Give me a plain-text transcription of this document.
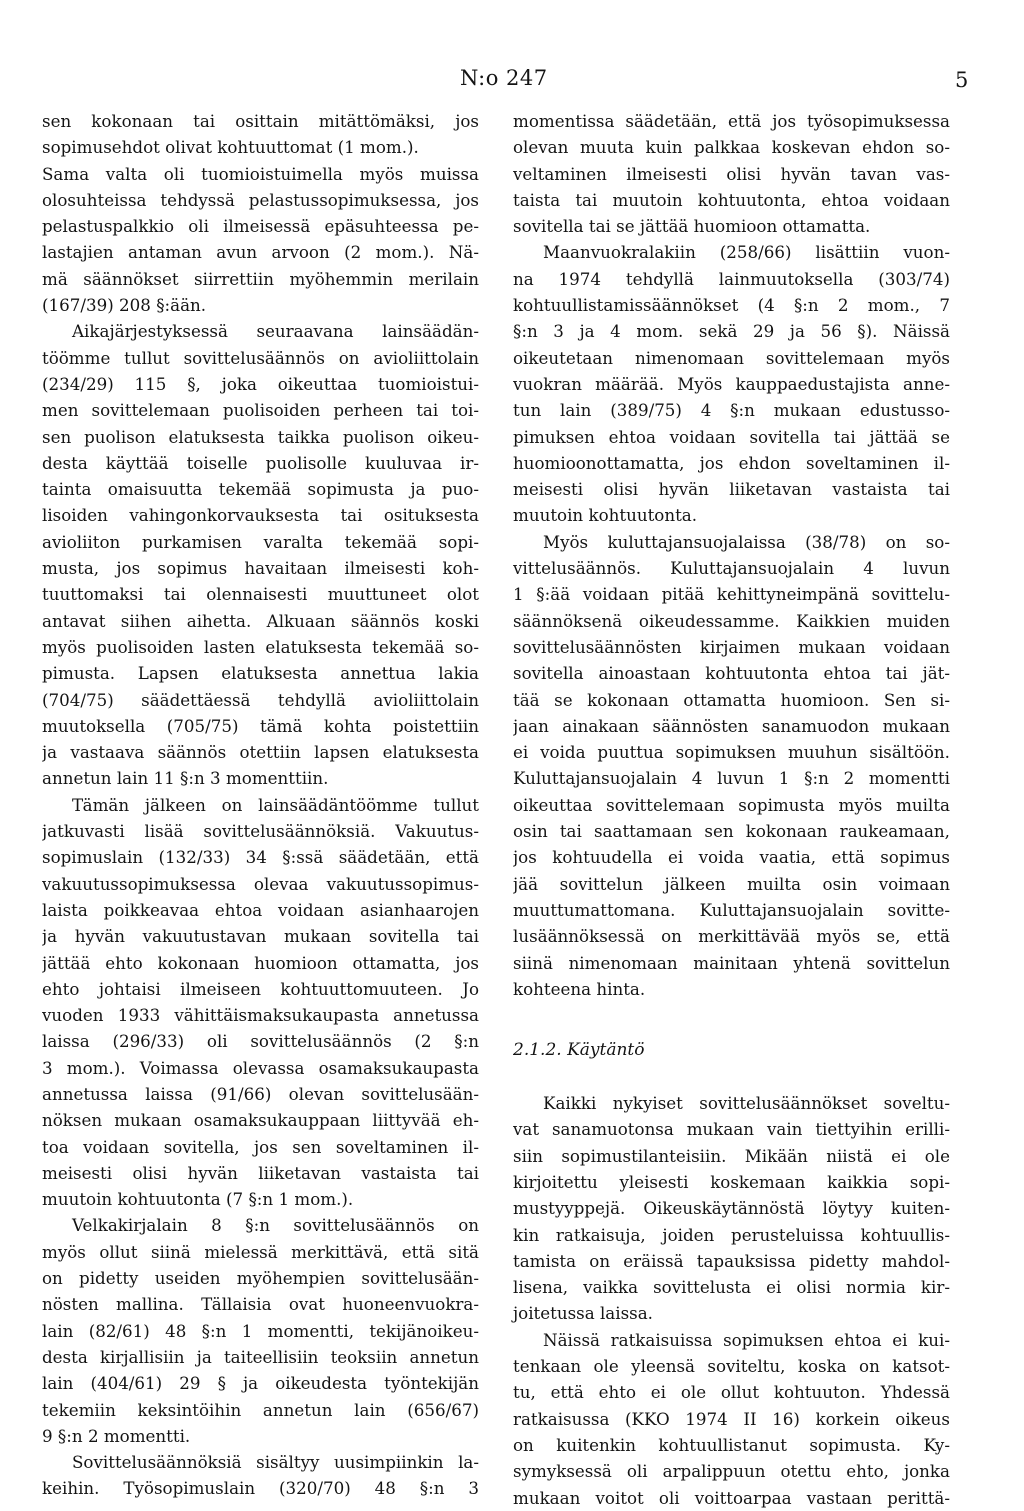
N:o 247	5
sen kokonaan tai osittain mitättömäksi, jos
sopimusehdot olivat kohtuuttomat (1 mom.).
Sama valta oli tuomioistuimella myös muissa
olosuhteissa tehdyssä pelastussopimuksessa, jos
pelastuspalkkio oli ilmeisessä epäsuhteessa pe-
lastajien antaman avun arvoon (2 mom.). Nä-
mä säännökset siirrettiin myöhemmin merilain
(167/39) 208 §:ään.
Aikajärjestyksessä seuraavana lainsäädän-
töömme tullut sovittelusäännös on avioliittolain
(234/29) 115 §, joka oikeuttaa tuomioistui-
men sovittelemaan puolisoiden perheen tai toi-
sen puolison elatuksesta taikka puolison oikeu-
desta käyttää toiselle puolisolle kuuluvaa ir-
tainta omaisuutta tekemää sopimusta ja puo-
lisoiden vahingonkorvauksesta tai osituksesta
avioliiton purkamisen varalta tekemää sopi-
musta, jos sopimus havaitaan ilmeisesti koh-
tuuttomaksi tai olennaisesti muuttuneet olot
antavat siihen aihetta. Alkuaan säännös koski
myös puolisoiden lasten elatuksesta tekemää so-
pimusta. Lapsen elatuksesta annettua lakia
(704/75) säädettäessä tehdyllä avioliittolain
muutoksella (705/75) tämä kohta poistettiin
ja vastaava säännös otettiin lapsen elatuksesta
annetun lain 11 §:n 3 momenttiin.
Tämän jälkeen on lainsäädäntöömme tullut
jatkuvasti lisää sovittelusäännöksiä. Vakuutus-
sopimuslain (132/33) 34 §:ssä säädetään, että
vakuutussopimuksessa olevaa vakuutussopimus-
laista poikkeavaa ehtoa voidaan asianhaarojen
ja hyvän vakuutustavan mukaan sovitella tai
jättää ehto kokonaan huomioon ottamatta, jos
ehto johtaisi ilmeiseen kohtuuttomuuteen. Jo
vuoden 1933 vähittäismaksukaupasta annetussa
laissa (296/33) oli sovittelusäännös (2 §:n
3 mom.). Voimassa olevassa osamaksukaupasta
annetussa laissa (91/66) olevan sovittelusään-
nöksen mukaan osamaksukauppaan liittyvää eh-
toa voidaan sovitella, jos sen soveltaminen il-
meisesti olisi hyvän liiketavan vastaista tai
muutoin kohtuutonta (7 §:n 1 mom.).
Velkakirjalain 8 §:n sovittelusäännös on
myös ollut siinä mielessä merkittävä, että sitä
on pidetty useiden myöhempien sovittelusään-
nösten mallina. Tällaisia ovat huoneenvuokra-
lain (82/61) 48 §:n 1 momentti, tekijänoikeu-
desta kirjallisiin ja taiteellisiin teoksiin annetun
lain (404/61) 29 § ja oikeudesta työntekijän
tekemiin keksintöihin annetun lain (656/67)
9 §:n 2 momentti.
Sovittelusäännöksiä sisältyy uusimpiinkin la-
keihin. Työsopimuslain (320/70) 48 §:n 3
momentissa säädetään, että jos työsopimuksessa
olevan muuta kuin palkkaa koskevan ehdon so-
veltaminen ilmeisesti olisi hyvän tavan vas-
taista tai muutoin kohtuutonta, ehtoa voidaan
sovitella tai se jättää huomioon ottamatta.
Maanvuokralakiin (258/66) lisättiin vuon-
na 1974 tehdyllä lainmuutoksella (303/74)
kohtuullistamissäännökset (4 §:n 2 mom., 7
§:n 3 ja 4 mom. sekä 29 ja 56 §). Näissä
oikeutetaan nimenomaan sovittelemaan myös
vuokran määrää. Myös kauppaedustajista anne-
tun lain (389/75) 4 §:n mukaan edustusso-
pimuksen ehtoa voidaan sovitella tai jättää se
huomioonottamatta, jos ehdon soveltaminen il-
meisesti olisi hyvän liiketavan vastaista tai
muutoin kohtuutonta.
Myös kuluttajansuojalaissa (38/78) on so-
vittelusäännös. Kuluttajansuojalain 4 luvun
1 §:ää voidaan pitää kehittyneimpänä sovittelu-
säännöksenä oikeudessamme. Kaikkien muiden
sovittelusäännösten kirjaimen mukaan voidaan
sovitella ainoastaan kohtuutonta ehtoa tai jät-
tää se kokonaan ottamatta huomioon. Sen si-
jaan ainakaan säännösten sanamuodon mukaan
ei voida puuttua sopimuksen muuhun sisältöön.
Kuluttajansuojalain 4 luvun 1 §:n 2 momentti
oikeuttaa sovittelemaan sopimusta myös muilta
osin tai saattamaan sen kokonaan raukeamaan,
jos kohtuudella ei voida vaatia, että sopimus
jää sovittelun jälkeen muilta osin voimaan
muuttumattomana. Kuluttajansuojalain sovitte-
lusäännöksessä on merkittävää myös se, että
siinä nimenomaan mainitaan yhtenä sovittelun
kohteena hinta.
2.1.2. Käytäntö
Kaikki nykyiset sovittelusäännökset soveltu-
vat sanamuotonsa mukaan vain tiettyihin erilli-
siin sopimustilanteisiin. Mikään niistä ei ole
kirjoitettu yleisesti koskemaan kaikkia sopi-
mustyyppejä. Oikeuskäytännöstä löytyy kuiten-
kin ratkaisuja, joiden perusteluissa kohtuullis-
tamista on eräissä tapauksissa pidetty mahdol-
lisena, vaikka sovittelusta ei olisi normia kir-
joitetussa laissa.
Näissä ratkaisuissa sopimuksen ehtoa ei kui-
tenkaan ole yleensä soviteltu, koska on katsot-
tu, että ehto ei ole ollut kohtuuton. Yhdessä
ratkaisussa (KKO 1974 II 16) korkein oikeus
on kuitenkin kohtuullistanut sopimusta. Ky-
symyksessä oli arpalippuun otettu ehto, jonka
mukaan voitot oli voittoarpaa vastaan perittä-
